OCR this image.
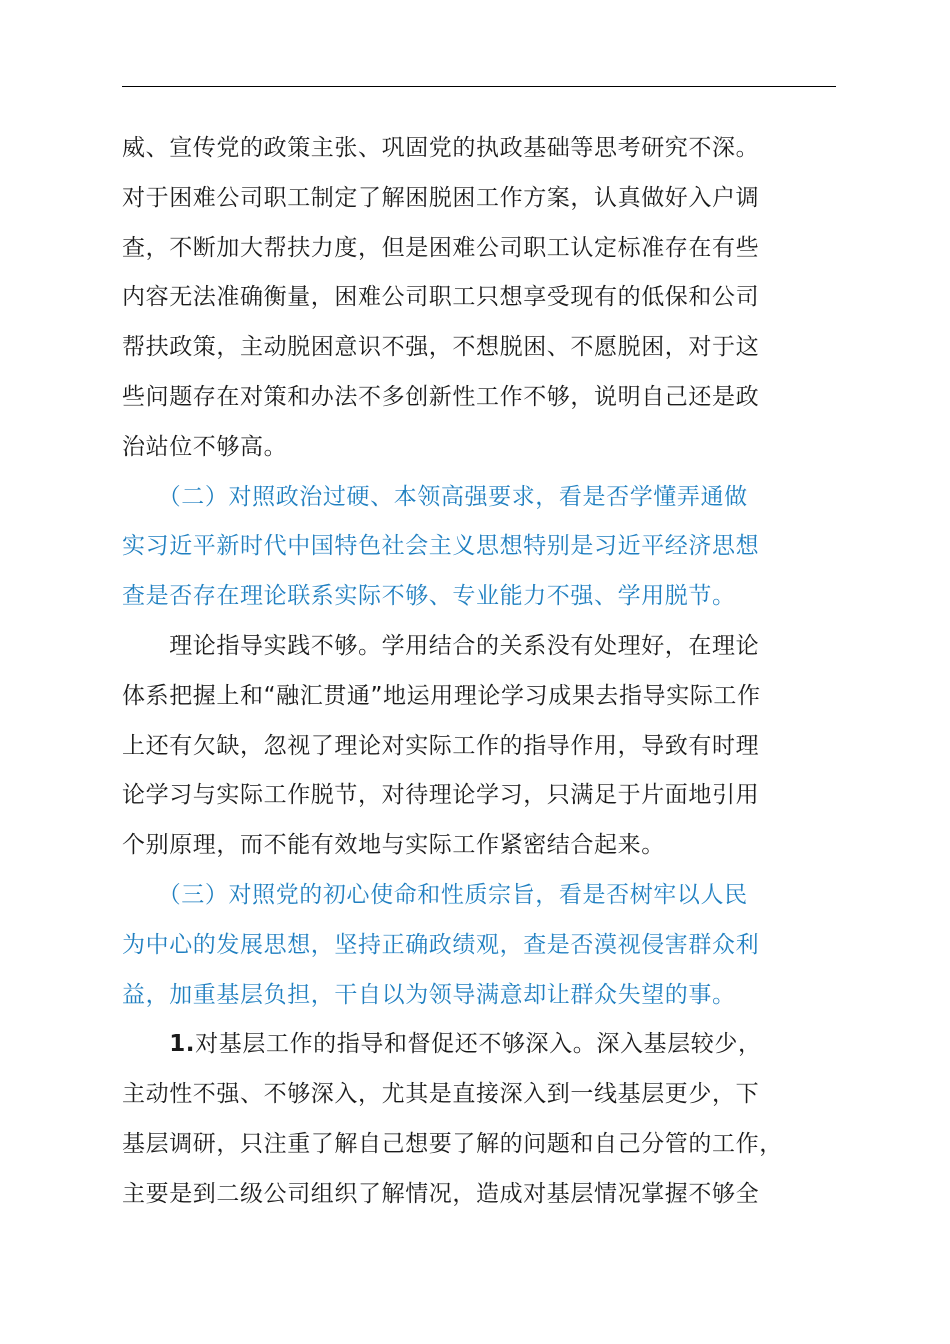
威、宣传党的政策主张、巩固党的执政基础等思考研究不深。
对于困难公司职工制定了解困脱困工作方案，认真做好入户调
查，不断加大帮扶力度，但是困难公司职工认定标准存在有些
内容无法准确衡量，困难公司职工只想享受现有的低保和公司
帮扶政策，主动脱困意识不强，不想脱困、不愿脱困，对于这
些问题存在对策和办法不多创新性工作不够，说明自己还是政
治站位不够高。
　　（二）对照政治过硬、本领高强要求，看是否学懂弄通做
实习近平新时代中国特色社会主义思想特别是习近平经济思想
查是否存在理论联系实际不够、专业能力不强、学用脱节。
　　理论指导实践不够。学用结合的关系没有处理好，在理论
体系把握上和“融汇贯通”地运用理论学习成果去指导实际工作
上还有欠缺，忽视了理论对实际工作的指导作用，导致有时理
论学习与实际工作脱节，对待理论学习，只满足于片面地引用
个别原理，而不能有效地与实际工作紧密结合起来。
　　（三）对照党的初心使命和性质宗旨，看是否树牢以人民
为中心的发展思想，坚持正确政绩观，查是否漠视侵害群众利
益，加重基层负担，干自以为领导满意却让群众失望的事。
　　1.对基层工作的指导和督促还不够深入。深入基层较少，
主动性不强、不够深入，尤其是直接深入到一线基层更少，下
基层调研，只注重了解自己想要了解的问题和自己分管的工作，
主要是到二级公司组织了解情况，造成对基层情况掌握不够全
